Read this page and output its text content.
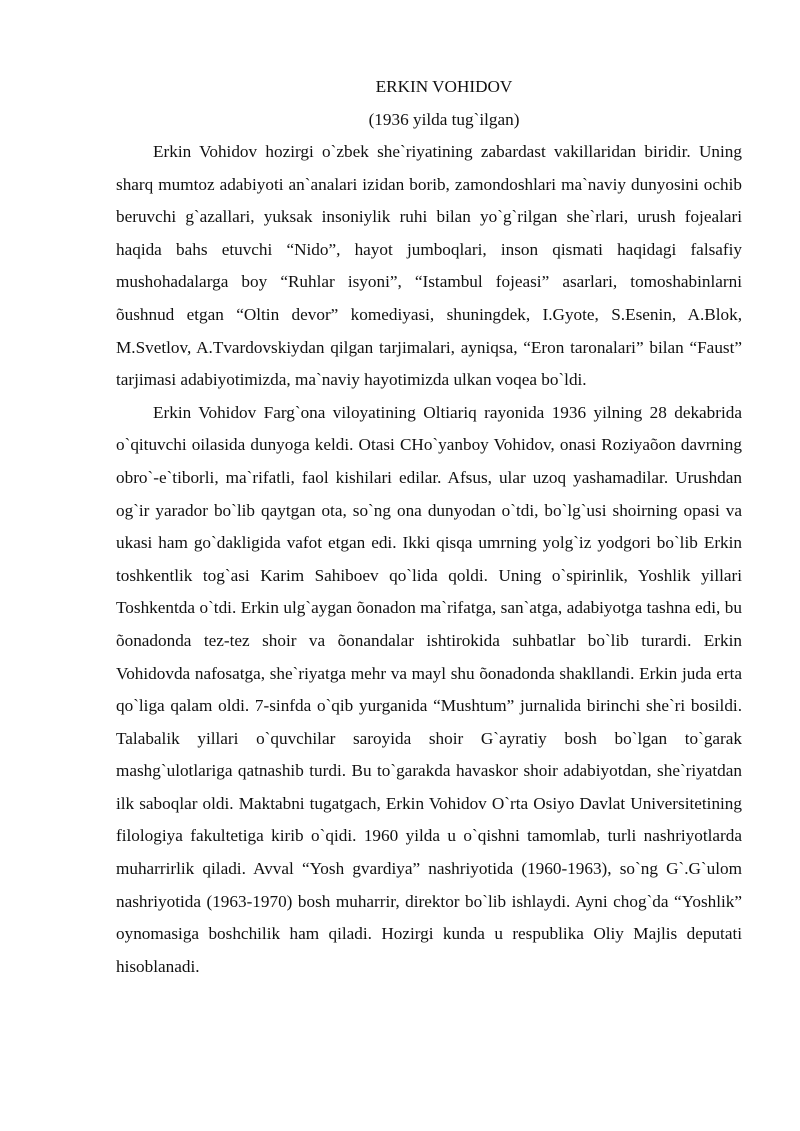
ERKIN VOHIDOV

(1936 yilda tug`ilgan)

Erkin Vohidov hozirgi o`zbek she`riyatining zabardast vakillaridan biridir. Uning sharq mumtoz adabiyoti an`analari izidan borib, zamondoshlari ma`naviy dunyosini ochib beruvchi g`azallari, yuksak insoniylik ruhi bilan yo`g`rilgan she`rlari, urush fojealari haqida bahs etuvchi “Nido”, hayot jumboqlari, inson qismati haqidagi falsafiy mushohadalarga boy “Ruhlar isyoni”, “Istambul fojeasi” asarlari, tomoshabinlarni õushnud etgan “Oltin devor” komediyasi, shuningdek, I.Gyote, S.Esenin, A.Blok, M.Svetlov, A.Tvardovskiydan qilgan tarjimalari, ayniqsa, “Eron taronalari” bilan “Faust” tarjimasi adabiyotimizda, ma`naviy hayotimizda ulkan voqea bo`ldi.

Erkin Vohidov Farg`ona viloyatining Oltiariq rayonida 1936 yilning 28 dekabrida o`qituvchi oilasida dunyoga keldi. Otasi CHo`yanboy Vohidov, onasi Roziyaõon davrning obro`-e`tiborli, ma`rifatli, faol kishilari edilar. Afsus, ular uzoq yashamadilar. Urushdan og`ir yarador bo`lib qaytgan ota, so`ng ona dunyodan o`tdi, bo`lg`usi shoirning opasi va ukasi ham go`dakligida vafot etgan edi. Ikki qisqa umrning yolg`iz yodgori bo`lib Erkin toshkentlik tog`asi Karim Sahiboev qo`lida qoldi. Uning o`spirinlik, Yoshlik yillari Toshkentda o`tdi. Erkin ulg`aygan õonadon ma`rifatga, san`atga, adabiyotga tashna edi, bu õonadonda tez-tez shoir va õonandalar ishtirokida suhbatlar bo`lib turardi. Erkin Vohidovda nafosatga, she`riyatga mehr va mayl shu õonadonda shakllandi. Erkin juda erta qo`liga qalam oldi. 7-sinfda o`qib yurganida “Mushtum” jurnalida birinchi she`ri bosildi. Talabalik yillari o`quvchilar saroyida shoir G`ayratiy bosh bo`lgan to`garak mashg`ulotlariga qatnashib turdi. Bu to`garakda havaskor shoir adabiyotdan, she`riyatdan ilk saboqlar oldi. Maktabni tugatgach, Erkin Vohidov O`rta Osiyo Davlat Universitetining filologiya fakultetiga kirib o`qidi. 1960 yilda u o`qishni tamomlab, turli nashriyotlarda muharrirlik qiladi. Avval “Yosh gvardiya” nashriyotida (1960-1963), so`ng G`.G`ulom nashriyotida (1963-1970) bosh muharrir, direktor bo`lib ishlaydi. Ayni chog`da “Yoshlik” oynomasiga boshchilik ham qiladi. Hozirgi kunda u respublika Oliy Majlis deputati hisoblanadi.
